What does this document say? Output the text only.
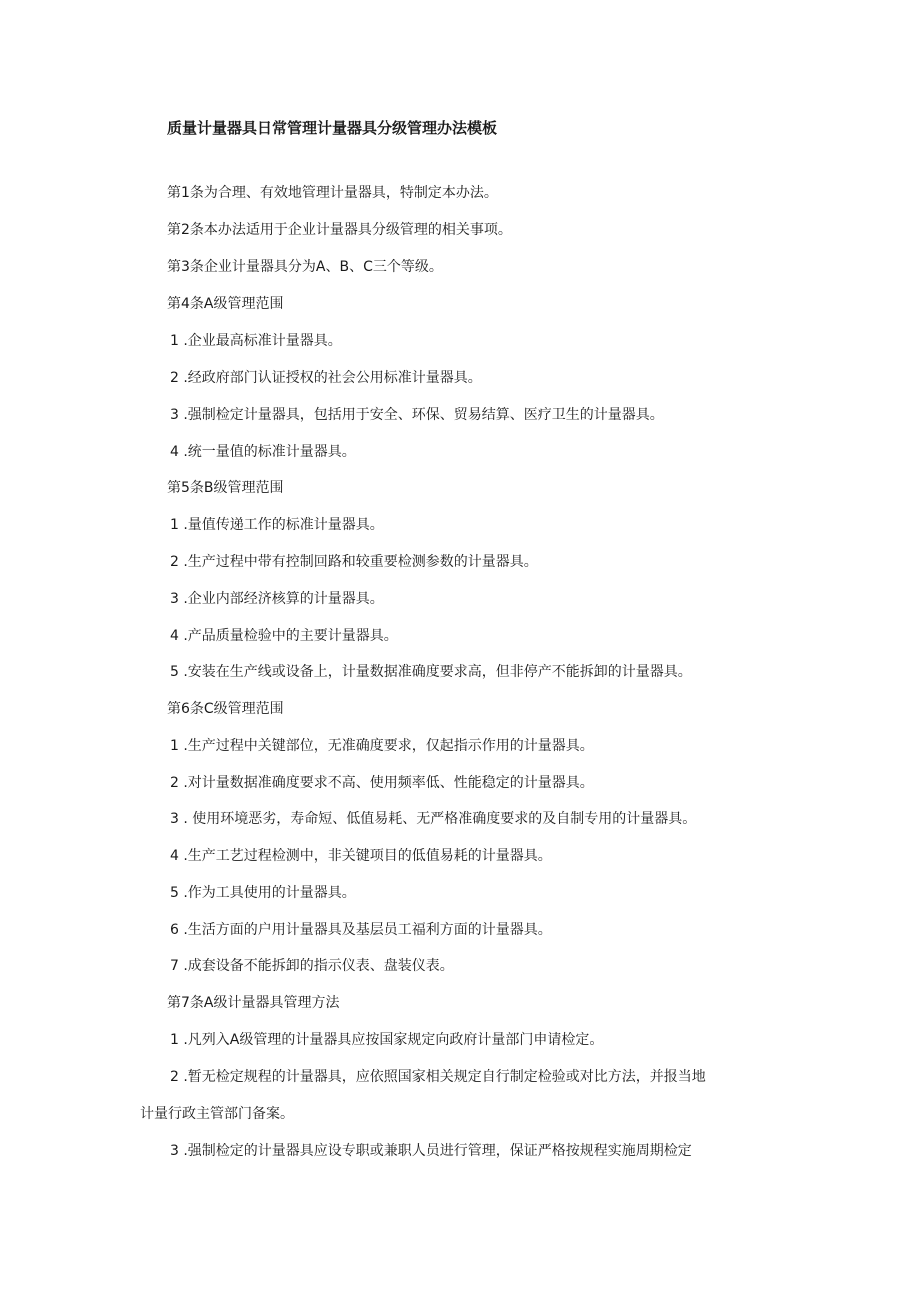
质量计量器具日常管理计量器具分级管理办法模板
第1条为合理、有效地管理计量器具，特制定本办法。
第2条本办法适用于企业计量器具分级管理的相关事项。
第3条企业计量器具分为A、B、C三个等级。
第4条A级管理范围
1 .企业最高标准计量器具。
2 .经政府部门认证授权的社会公用标准计量器具。
3 .强制检定计量器具，包括用于安全、环保、贸易结算、医疗卫生的计量器具。
4 .统一量值的标准计量器具。
第5条B级管理范围
1 .量值传递工作的标准计量器具。
2 .生产过程中带有控制回路和较重要检测参数的计量器具。
3 .企业内部经济核算的计量器具。
4 .产品质量检验中的主要计量器具。
5 .安装在生产线或设备上，计量数据准确度要求高，但非停产不能拆卸的计量器具。
第6条C级管理范围
1 .生产过程中关键部位，无准确度要求，仅起指示作用的计量器具。
2 .对计量数据准确度要求不高、使用频率低、性能稳定的计量器具。
3 . 使用环境恶劣，寿命短、低值易耗、无严格准确度要求的及自制专用的计量器具。
4 .生产工艺过程检测中，非关键项目的低值易耗的计量器具。
5 .作为工具使用的计量器具。
6 .生活方面的户用计量器具及基层员工福利方面的计量器具。
7 .成套设备不能拆卸的指示仪表、盘装仪表。
第7条A级计量器具管理方法
1 .凡列入A级管理的计量器具应按国家规定向政府计量部门申请检定。
2 .暂无检定规程的计量器具，应依照国家相关规定自行制定检验或对比方法，并报当地
计量行政主管部门备案。
3 .强制检定的计量器具应设专职或兼职人员进行管理，保证严格按规程实施周期检定
